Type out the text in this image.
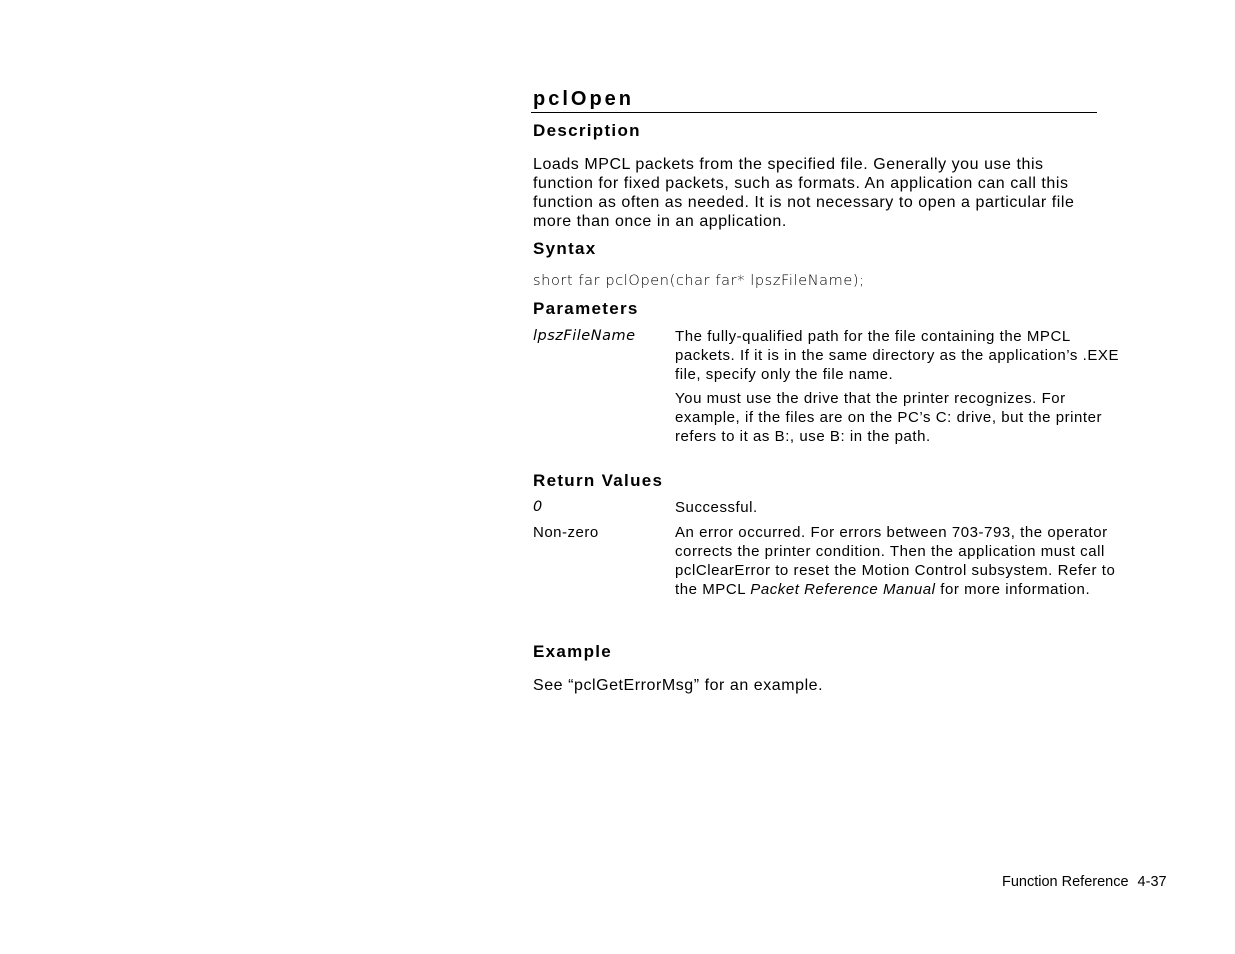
pclOpen
Description

Loads MPCL packets from the specified file. Generally you use this function for fixed packets, such as formats. An application can call this function as often as needed. It is not necessary to open a particular file more than once in an application.

Syntax

short far pclOpen(char far* lpszFileName);

Parameters
lpszFileName	The fully-qualified path for the file containing the MPCL packets. If it is in the same directory as the application’s .EXE file, specify only the file name.

You must use the drive that the printer recognizes. For example, if the files are on the PC’s C: drive, but the printer refers to it as B:, use B: in the path.

Return Values
0	Successful.

Non-zero	An error occurred. For errors between 703-793, the operator corrects the printer condition. Then the application must call pclClearError to reset the Motion Control subsystem. Refer to the MPCL Packet Reference Manual for more information.

Example

See “pclGetErrorMsg” for an example.

Function Reference 4-37
